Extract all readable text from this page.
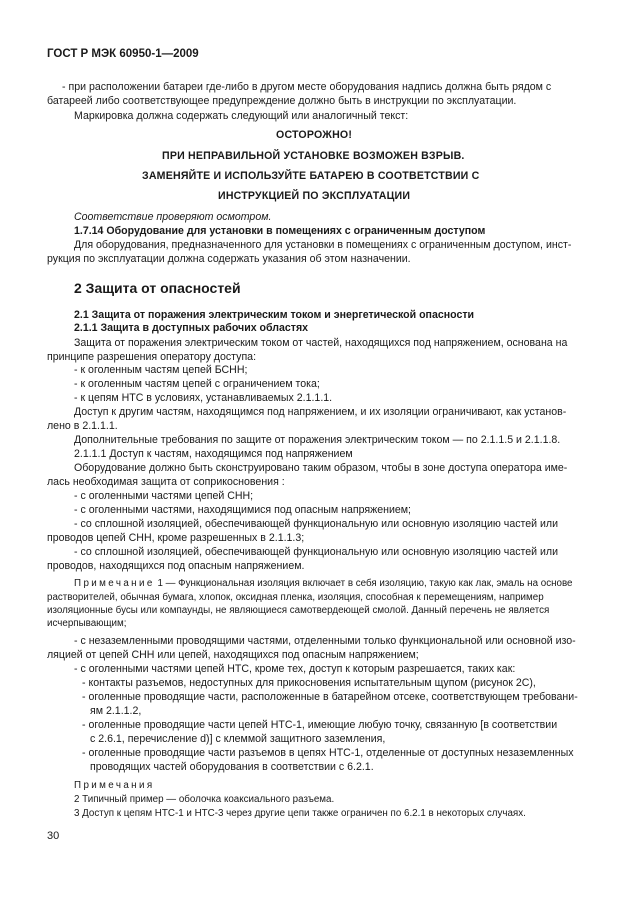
ГОСТ Р МЭК 60950-1—2009
- при расположении батареи где-либо в другом месте оборудования надпись должна быть рядом с
батареей либо соответствующее предупреждение должно быть в инструкции по эксплуатации.
Маркировка должна содержать следующий или аналогичный текст:
ОСТОРОЖНО!
ПРИ НЕПРАВИЛЬНОЙ УСТАНОВКЕ ВОЗМОЖЕН ВЗРЫВ.
ЗАМЕНЯЙТЕ И ИСПОЛЬЗУЙТЕ БАТАРЕЮ В СООТВЕТСТВИИ С
ИНСТРУКЦИЕЙ ПО ЭКСПЛУАТАЦИИ
Соответствие проверяют осмотром.
1.7.14 Оборудование для установки в помещениях с ограниченным доступом
Для оборудования, предназначенного для установки в помещениях с ограниченным доступом, инст-
рукция по эксплуатации должна содержать указания об этом назначении.
2 Защита от опасностей
2.1 Защита от поражения электрическим током и энергетической опасности
2.1.1 Защита в доступных рабочих областях
Защита от поражения электрическим током от частей, находящихся под напряжением, основана на
принципе разрешения оператору доступа:
- к оголенным частям цепей БСНН;
- к оголенным частям цепей с ограничением тока;
- к цепям НТС в условиях, устанавливаемых 2.1.1.1.
Доступ к другим частям, находящимся под напряжением, и их изоляции ограничивают, как установ-
лено в 2.1.1.1.
Дополнительные требования по защите от поражения электрическим током — по 2.1.1.5 и 2.1.1.8.
2.1.1.1 Доступ к частям, находящимся под напряжением
Оборудование должно быть сконструировано таким образом, чтобы в зоне доступа оператора име-
лась необходимая защита от соприкосновения :
- с оголенными частями цепей СНН;
- с оголенными частями, находящимися под опасным напряжением;
- со сплошной изоляцией, обеспечивающей функциональную или основную изоляцию частей или
проводов цепей СНН, кроме разрешенных в 2.1.1.3;
- со сплошной изоляцией, обеспечивающей функциональную или основную изоляцию частей или
проводов, находящихся под опасным напряжением.
Примечание 1 — Функциональная изоляция включает в себя изоляцию, такую как лак, эмаль на основе
растворителей, обычная бумага, хлопок, оксидная пленка, изоляция, способная к перемещениям, например
изоляционные бусы или компаунды, не являющиеся самотвердеющей смолой. Данный перечень не является
исчерпывающим;
- с незаземленными проводящими частями, отделенными только функциональной или основной изо-
ляцией от цепей СНН или цепей, находящихся под опасным напряжением;
- с оголенными частями цепей НТС, кроме тех, доступ к которым разрешается, таких как:
- контакты разъемов, недоступных для прикосновения испытательным щупом (рисунок 2С),
- оголенные проводящие части, расположенные в батарейном отсеке, соответствующем требовани-
ям 2.1.1.2,
- оголенные проводящие части цепей НТС-1, имеющие любую точку, связанную [в соответствии
с 2.6.1, перечисление d)] с клеммой защитного заземления,
- оголенные проводящие части разъемов в цепях НТС-1, отделенные от доступных незаземленных
проводящих частей оборудования в соответствии с 6.2.1.
Примечания
2 Типичный пример — оболочка коаксиального разъема.
3 Доступ к цепям НТС-1 и НТС-3 через другие цепи также ограничен по 6.2.1 в некоторых случаях.
30
